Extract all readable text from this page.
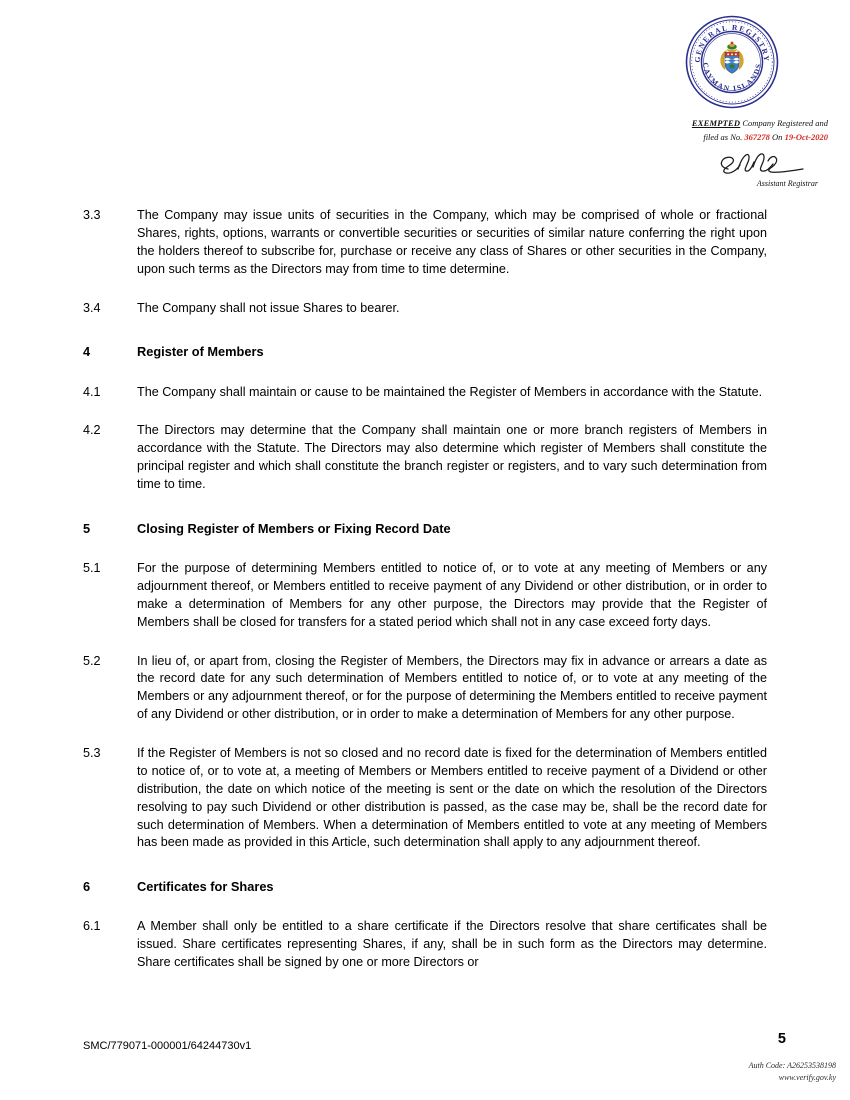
GENERAL REGISTRY
CAYMAN ISLANDS
EXEMPTED Company Registered and
filed as No. 367278 On 19-Oct-2020
Assistant Registrar
3.3	The Company may issue units of securities in the Company, which may be comprised of whole or fractional Shares, rights, options, warrants or convertible securities or securities of similar nature conferring the right upon the holders thereof to subscribe for, purchase or receive any class of Shares or other securities in the Company, upon such terms as the Directors may from time to time determine.
3.4	The Company shall not issue Shares to bearer.
4	Register of Members
4.1	The Company shall maintain or cause to be maintained the Register of Members in accordance with the Statute.
4.2	The Directors may determine that the Company shall maintain one or more branch registers of Members in accordance with the Statute. The Directors may also determine which register of Members shall constitute the principal register and which shall constitute the branch register or registers, and to vary such determination from time to time.
5	Closing Register of Members or Fixing Record Date
5.1	For the purpose of determining Members entitled to notice of, or to vote at any meeting of Members or any adjournment thereof, or Members entitled to receive payment of any Dividend or other distribution, or in order to make a determination of Members for any other purpose, the Directors may provide that the Register of Members shall be closed for transfers for a stated period which shall not in any case exceed forty days.
5.2	In lieu of, or apart from, closing the Register of Members, the Directors may fix in advance or arrears a date as the record date for any such determination of Members entitled to notice of, or to vote at any meeting of the Members or any adjournment thereof, or for the purpose of determining the Members entitled to receive payment of any Dividend or other distribution, or in order to make a determination of Members for any other purpose.
5.3	If the Register of Members is not so closed and no record date is fixed for the determination of Members entitled to notice of, or to vote at, a meeting of Members or Members entitled to receive payment of a Dividend or other distribution, the date on which notice of the meeting is sent or the date on which the resolution of the Directors resolving to pay such Dividend or other distribution is passed, as the case may be, shall be the record date for such determination of Members. When a determination of Members entitled to vote at any meeting of Members has been made as provided in this Article, such determination shall apply to any adjournment thereof.
6	Certificates for Shares
6.1	A Member shall only be entitled to a share certificate if the Directors resolve that share certificates shall be issued. Share certificates representing Shares, if any, shall be in such form as the Directors may determine. Share certificates shall be signed by one or more Directors or
SMC/779071-000001/64244730v1	5
Auth Code: A26253538198
www.verify.gov.ky
